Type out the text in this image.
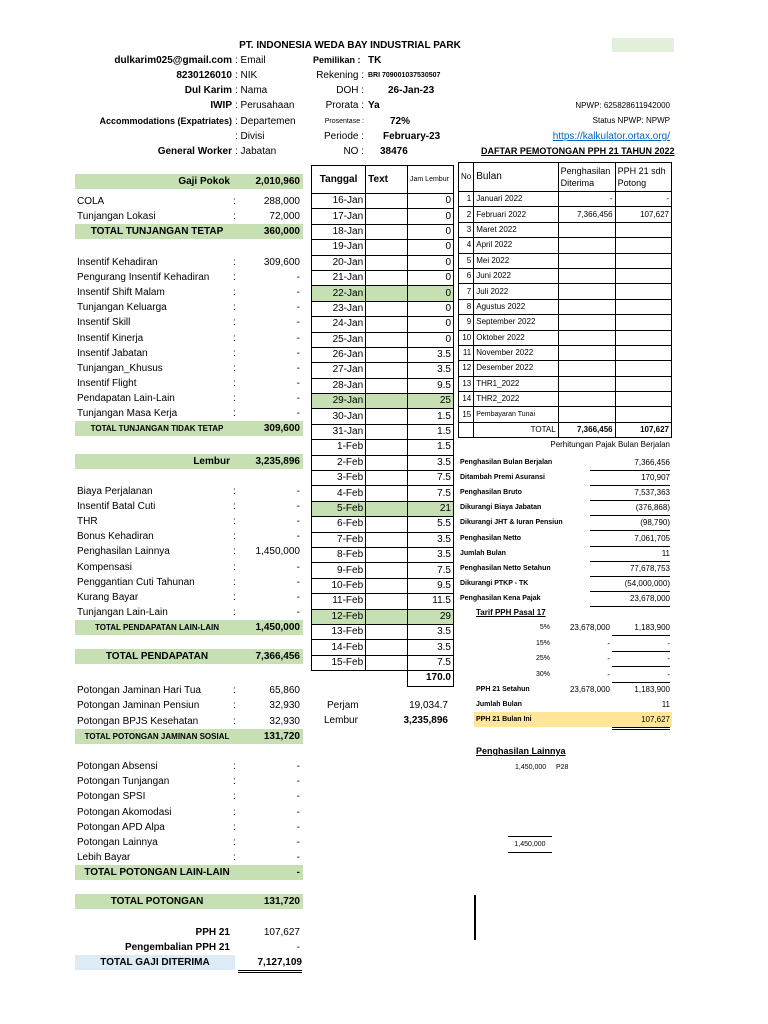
PT. INDONESIA WEDA BAY INDUSTRIAL PARK
dulkarim025@gmail.com : Email
8230126010 : NIK
Dul Karim : Nama
IWIP : Perusahaan
Accommodations (Expatriates) : Departemen
: Divisi
General Worker : Jabatan
Pemilikan : TK
Rekening : BRI 709001037530507
DOH : 26-Jan-23
Prorata : Ya
Prosentase :	72%
Periode : February-23
NO : 38476
NPWP: 625828611942000
Status NPWP: NPWP
https://kalkulator.ortax.org/
DAFTAR PEMOTONGAN PPH 21 TAHUN 2022
Gaji Pokok	2,010,960
COLA	:	288,000
Tunjangan Lokasi	:	72,000
TOTAL TUNJANGAN TETAP	360,000
Insentif Kehadiran	:	309,600
Pengurang Insentif Kehadiran :	-
Insentif Shift Malam	:	-
Tunjangan Keluarga	:	-
Insentif Skill	:	-
Insentif Kinerja	:	-
Insentif Jabatan	:	-
Tunjangan_Khusus	:	-
Insentif Flight	:	-
Pendapatan Lain-Lain	:	-
Tunjangan Masa Kerja	:	-
TOTAL TUNJANGAN TIDAK TETAP	309,600
Lembur	3,235,896
Biaya Perjalanan	:	-
Insentif Batal Cuti	:	-
THR	:	-
Bonus Kehadiran	:	-
Penghasilan Lainnya	:	1,450,000
Kompensasi	:	-
Penggantian Cuti Tahunan	:	-
Kurang Bayar	:	-
Tunjangan Lain-Lain	:	-
TOTAL PENDAPATAN LAIN-LAIN	1,450,000
TOTAL PENDAPATAN	7,366,456
Potongan Jaminan Hari Tua	:	65,860
Potongan Jaminan Pensiun	:	32,930
Potongan BPJS Kesehatan	:	32,930
TOTAL POTONGAN JAMINAN SOSIAL	131,720
Potongan Absensi	:	-
Potongan Tunjangan	:	-
Potongan SPSI	:	-
Potongan Akomodasi	:	-
Potongan APD Alpa	:	-
Potongan Lainnya	:	-
Lebih Bayar	:	-
TOTAL POTONGAN LAIN-LAIN	-
TOTAL POTONGAN	131,720
PPH 21	107,627
Pengembalian PPH 21	-
TOTAL GAJI DITERIMA	7,127,109
Tanggal	Text	Jam Lembur
16-Jan		0
17-Jan		0
18-Jan		0
19-Jan		0
20-Jan		0
21-Jan		0
22-Jan		0
23-Jan		0
24-Jan		0
25-Jan		0
26-Jan		3.5
27-Jan		3.5
28-Jan		9.5
29-Jan		25
30-Jan		1.5
31-Jan		1.5
1-Feb		1.5
2-Feb		3.5
3-Feb		7.5
4-Feb		7.5
5-Feb		21
6-Feb		5.5
7-Feb		3.5
8-Feb		3.5
9-Feb		7.5
10-Feb		9.5
11-Feb		11.5
12-Feb		29
13-Feb		3.5
14-Feb		3.5
15-Feb		7.5
		170.0
No	Bulan	Penghasilan Diterima	PPH 21 sdh Potong
1	Januari 2022	-	-
2	Februari 2022	7,366,456	107,627
3	Maret 2022		
4	April 2022		
5	Mei 2022		
6	Juni 2022		
7	Juli 2022		
8	Agustus 2022		
9	September 2022		
10	Oktober 2022		
11	November 2022		
12	Desember 2022		
13	THR1_2022		
14	THR2_2022		
15	Pembayaran Tunai		
	TOTAL	7,366,456	107,627
Perhitungan Pajak Bulan Berjalan
Penghasilan Bulan Berjalan	7,366,456
Ditambah Premi Asuransi	170,907
Penghasilan Bruto	7,537,363
Dikurangi Biaya Jabatan	(376,868)
Dikurangi JHT & Iuran Pensiun	(98,790)
Penghasilan Netto	7,061,705
Jumlah Bulan	11
Penghasilan Netto Setahun	77,678,753
Dikurangi PTKP - TK	(54,000,000)
Penghasilan Kena Pajak	23,678,000
Tarif PPH Pasal 17
5%	23,678,000	1,183,900
15%	-	-
25%	-	-
30%	-	-
PPH 21 Setahun	23,678,000	1,183,900
Jumlah Bulan	11
PPH 21 Bulan Ini	107,627
Penghasilan Lainnya
1,450,000 P28
1,450,000
Perjam	19,034.7
Lembur	3,235,896
